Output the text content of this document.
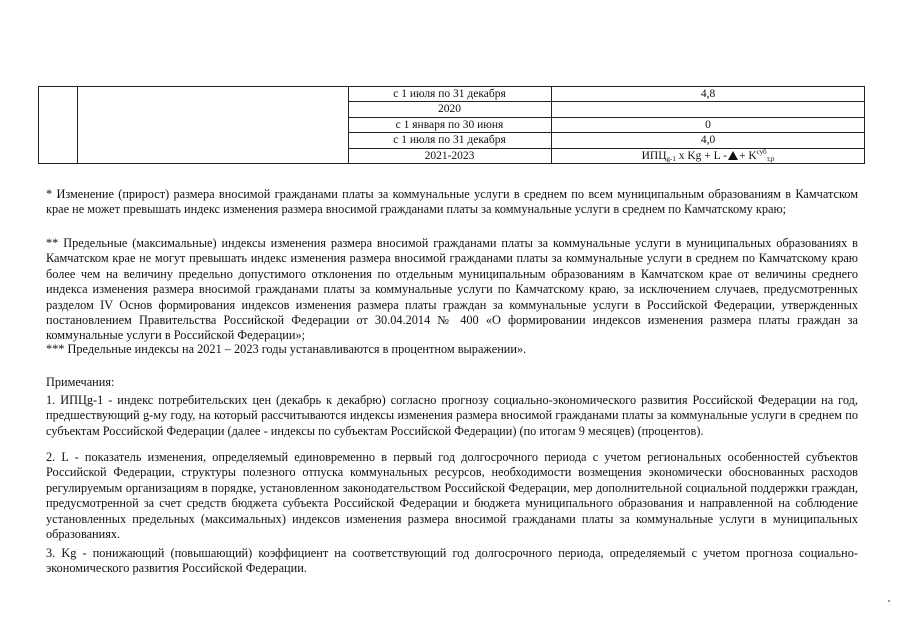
с 1 июля по 31 декабря	4,8
2020
с 1 января по 30 июня	0
с 1 июля по 31 декабря	4,0
2021-2023	$ИПЦ_{g-1}$ x Kg + L - + $K^{суб}_{т,р}$

* Изменение (прирост) размера вносимой гражданами платы за коммунальные услуги в среднем по всем муниципальным образованиям в Камчатском крае не может превышать индекс изменения размера вносимой гражданами платы за коммунальные услуги в среднем по Камчатскому краю;

** Предельные (максимальные) индексы изменения размера вносимой гражданами платы за коммунальные услуги в муниципальных образованиях в Камчатском крае не могут превышать индекс изменения размера вносимой гражданами платы за коммунальные услуги в среднем по Камчатскому краю более чем на величину предельно допустимого отклонения по отдельным муниципальным образованиям в Камчатском крае от величины среднего индекса изменения размера вносимой гражданами платы за коммунальные услуги по Камчатскому краю, за исключением случаев, предусмотренных разделом IV Основ формирования индексов изменения размера платы граждан за коммунальные услуги в Российской Федерации, утвержденных постановлением Правительства Российской Федерации от 30.04.2014 № 400 «О формировании индексов изменения размера платы граждан за коммунальные услуги в Российской Федерации»;

*** Предельные индексы на 2021 – 2023 годы устанавливаются в процентном выражении».

Примечания:

1. ИПЦg-1 - индекс потребительских цен (декабрь к декабрю) согласно прогнозу социально-экономического развития Российской Федерации на год, предшествующий g-му году, на который рассчитываются индексы изменения размера вносимой гражданами платы за коммунальные услуги в среднем по субъектам Российской Федерации (далее - индексы по субъектам Российской Федерации) (по итогам 9 месяцев) (процентов).

2. L - показатель изменения, определяемый единовременно в первый год долгосрочного периода с учетом региональных особенностей субъектов Российской Федерации, структуры полезного отпуска коммунальных ресурсов, необходимости возмещения экономически обоснованных расходов регулируемым организациям в порядке, установленном законодательством Российской Федерации, мер дополнительной социальной поддержки граждан, предусмотренной за счет средств бюджета субъекта Российской Федерации и бюджета муниципального образования и направленной на соблюдение установленных предельных (максимальных) индексов изменения размера вносимой гражданами платы за коммунальные услуги в муниципальных образованиях.

3. Kg - понижающий (повышающий) коэффициент на соответствующий год долгосрочного периода, определяемый с учетом прогноза социально-экономического развития Российской Федерации.
